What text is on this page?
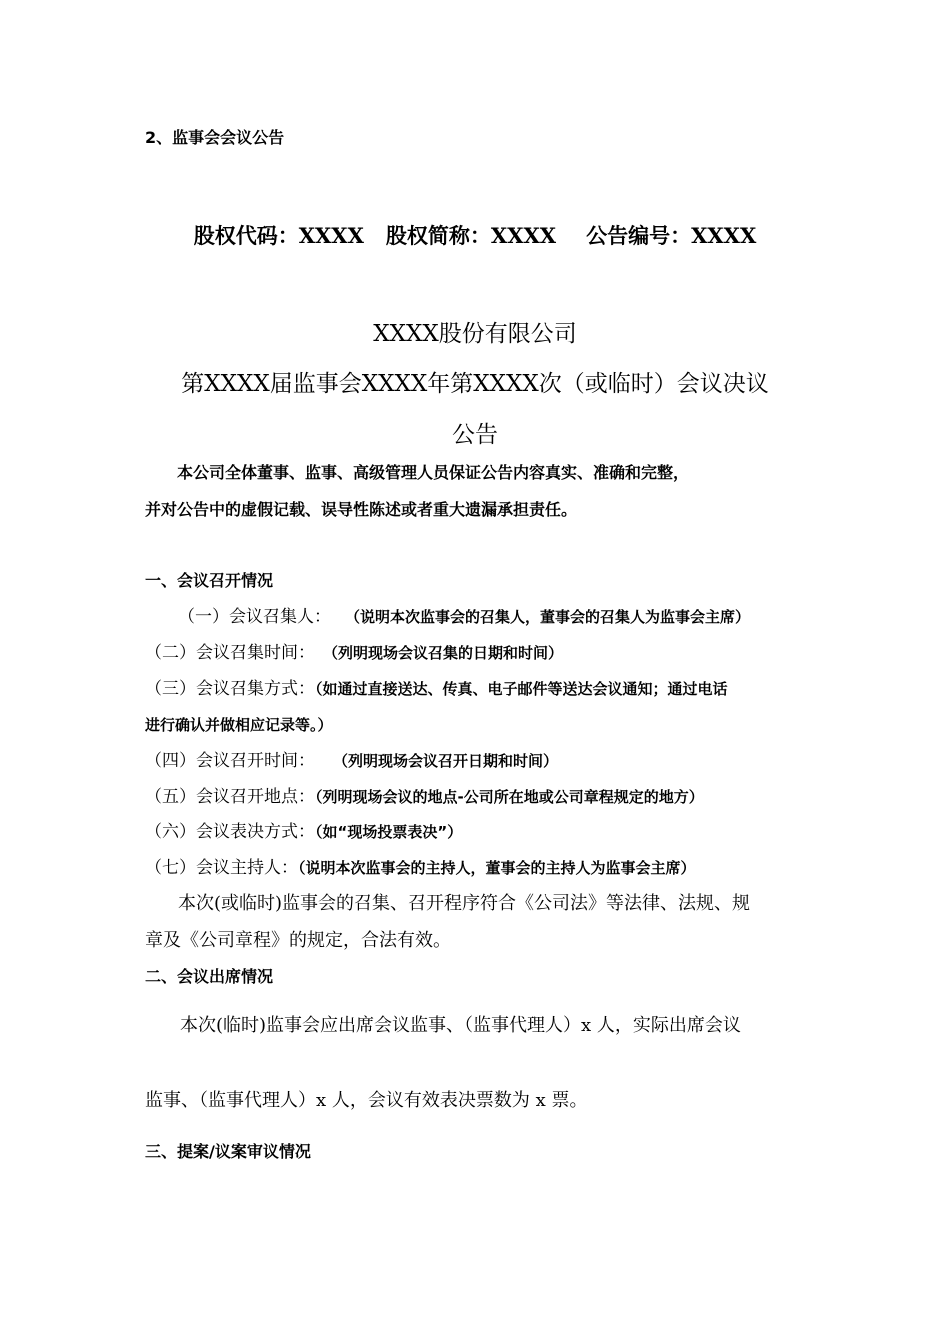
2、监事会会议公告
股权代码：XXXX 股权简称：XXXX 公告编号：XXXX
XXXX股份有限公司
第XXXX届监事会XXXX年第XXXX次（或临时）会议决议
公告
本公司全体董事、监事、高级管理人员保证公告内容真实、准确和完整，
并对公告中的虚假记载、误导性陈述或者重大遗漏承担责任。
一、会议召开情况
（一）会议召集人： （说明本次监事会的召集人，董事会的召集人为监事会主席）
（二）会议召集时间： （列明现场会议召集的日期和时间）
（三）会议召集方式：（如通过直接送达、传真、电子邮件等送达会议通知；通过电话
进行确认并做相应记录等。）
（四）会议召开时间： （列明现场会议召开日期和时间）
（五）会议召开地点：（列明现场会议的地点-公司所在地或公司章程规定的地方）
（六）会议表决方式：（如“现场投票表决”）
（七）会议主持人：（说明本次监事会的主持人，董事会的主持人为监事会主席）
本次(或临时)监事会的召集、召开程序符合《公司法》等法律、法规、规
章及《公司章程》的规定，合法有效。
二、会议出席情况
本次(临时)监事会应出席会议监事、（监事代理人）x 人，实际出席会议
监事、（监事代理人）x 人，会议有效表决票数为 x 票。
三、提案/议案审议情况
